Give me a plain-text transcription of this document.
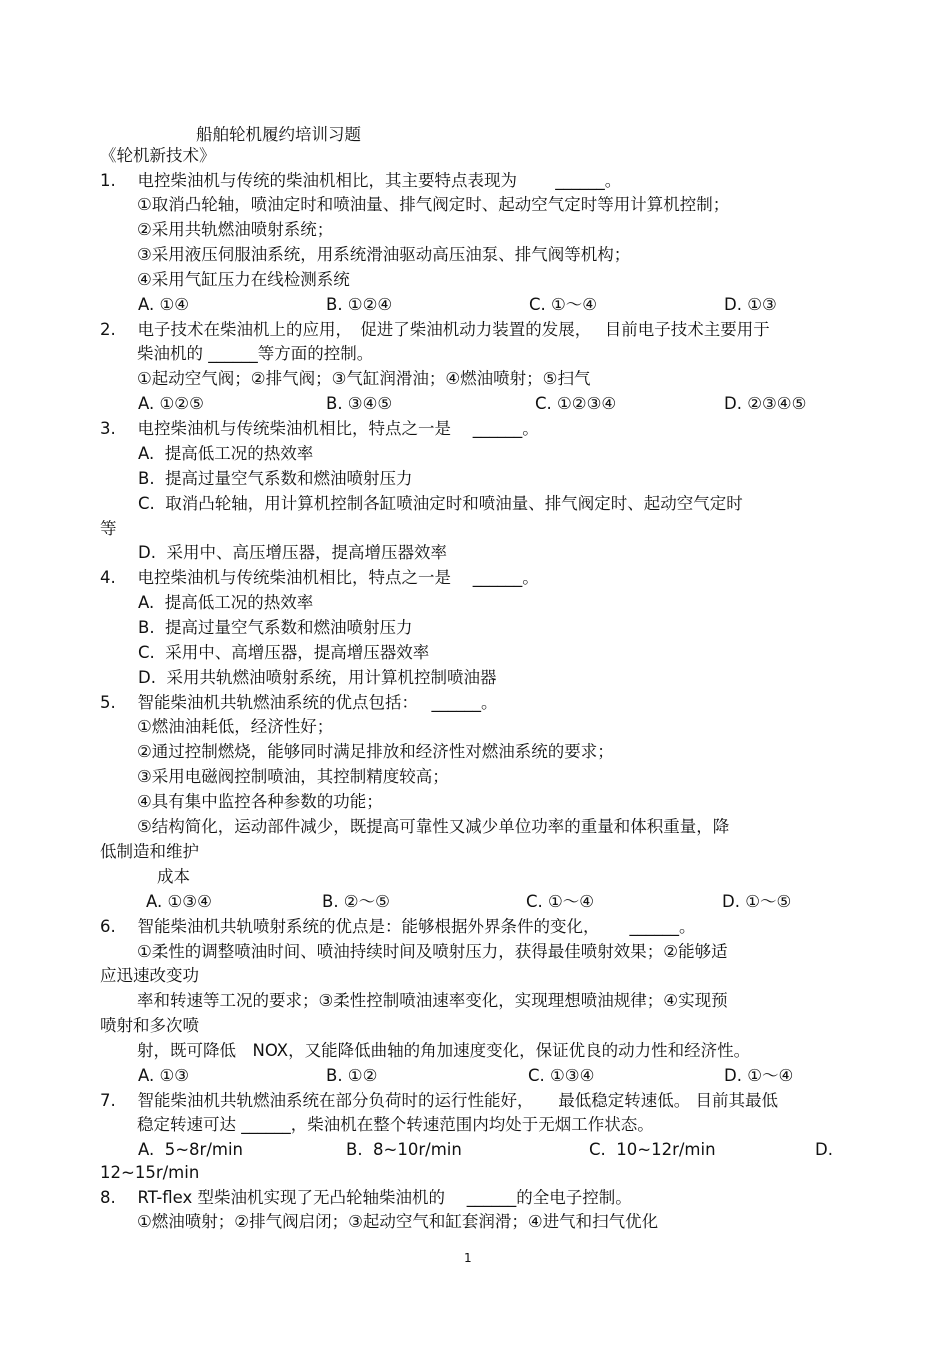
船舶轮机履约培训习题
《轮机新技术》
1.　 电控柴油机与传统的柴油机相比，其主要特点表现为　　 ______。
①取消凸轮轴，喷油定时和喷油量、排气阀定时、起动空气定时等用计算机控制；
②采用共轨燃油喷射系统；
③采用液压伺服油系统，用系统滑油驱动高压油泵、排气阀等机构；
④采用气缸压力在线检测系统
A. ①④	B. ①②④	C. ①～④	D. ①③
2.　 电子技术在柴油机上的应用，　促进了柴油机动力装置的发展，　 目前电子技术主要用于
柴油机的 ______等方面的控制。
①起动空气阀；②排气阀；③气缸润滑油；④燃油喷射；⑤扫气
A. ①②⑤	B. ③④⑤	C. ①②③④	D. ②③④⑤
3.　 电控柴油机与传统柴油机相比，特点之一是　 ______。
A.  提高低工况的热效率
B.  提高过量空气系数和燃油喷射压力
C.  取消凸轮轴，用计算机控制各缸喷油定时和喷油量、排气阀定时、起动空气定时
等
D.  采用中、高压增压器，提高增压器效率
4.　 电控柴油机与传统柴油机相比，特点之一是　 ______。
A.  提高低工况的热效率
B.  提高过量空气系数和燃油喷射压力
C.  采用中、高增压器，提高增压器效率
D.  采用共轨燃油喷射系统，用计算机控制喷油器
5.　 智能柴油机共轨燃油系统的优点包括：　 ______。
①燃油油耗低，经济性好；
②通过控制燃烧，能够同时满足排放和经济性对燃油系统的要求；
③采用电磁阀控制喷油，其控制精度较高；
④具有集中监控各种参数的功能；
⑤结构简化，运动部件减少，既提高可靠性又减少单位功率的重量和体积重量，降
低制造和维护
成本
A. ①③④	B. ②～⑤	C. ①～④	D. ①～⑤
6.　 智能柴油机共轨喷射系统的优点是：能够根据外界条件的变化，　　 ______。
①柔性的调整喷油时间、喷油持续时间及喷射压力，获得最佳喷射效果；②能够适
应迅速改变功
率和转速等工况的要求；③柔性控制喷油速率变化，实现理想喷油规律；④实现预
喷射和多次喷
射，既可降低　NOX，又能降低曲轴的角加速度变化，保证优良的动力性和经济性。
A. ①③	B. ①②	C. ①③④	D. ①～④
7.　 智能柴油机共轨燃油系统在部分负荷时的运行性能好，　　最低稳定转速低。 目前其最低
稳定转速可达 ______，柴油机在整个转速范围内均处于无烟工作状态。
A.  5~8r/min	B.  8~10r/min	C.  10~12r/min	D.
12~15r/min
8.　 RT-flex 型柴油机实现了无凸轮轴柴油机的　 ______的全电子控制。
①燃油喷射；②排气阀启闭；③起动空气和缸套润滑；④进气和扫气优化
1
